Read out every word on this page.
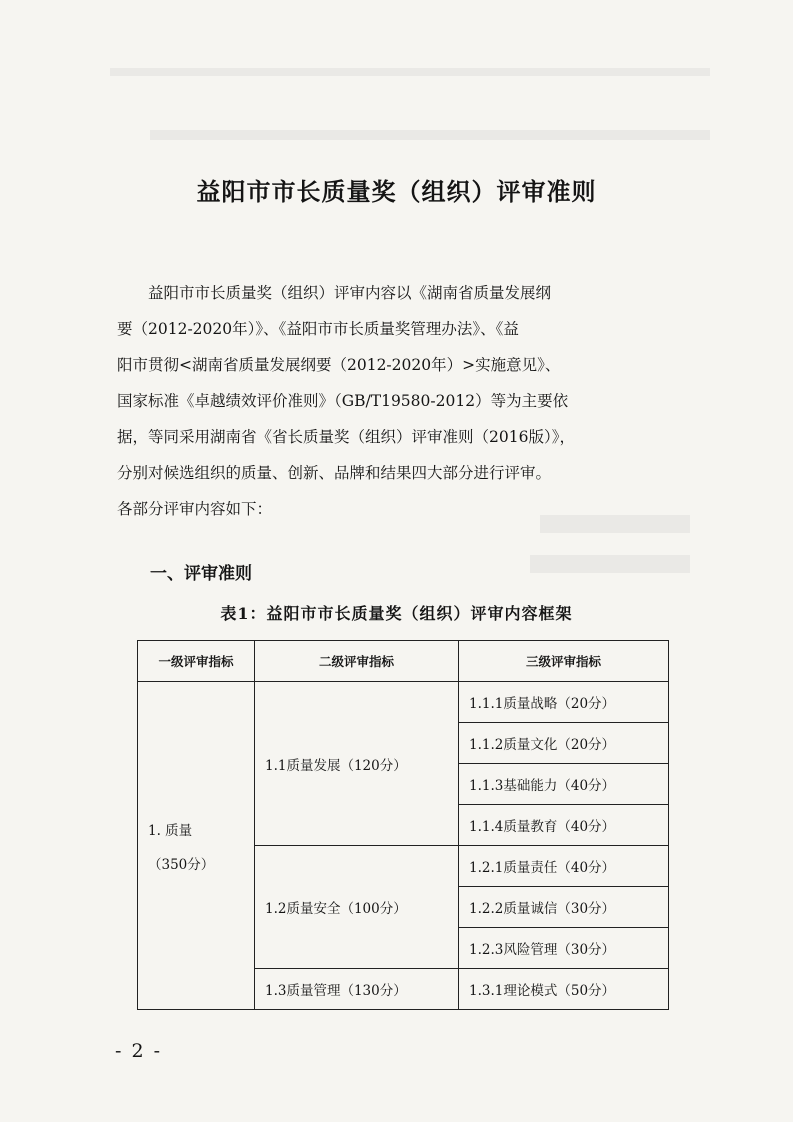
益阳市市长质量奖（组织）评审准则

益阳市市长质量奖（组织）评审内容以《湖南省质量发展纲
要（2012-2020年）》、《益阳市市长质量奖管理办法》、《益
阳市贯彻<湖南省质量发展纲要（2012-2020年）>实施意见》、
国家标准《卓越绩效评价准则》（GB/T19580-2012）等为主要依
据，等同采用湖南省《省长质量奖（组织）评审准则（2016版）》，
分别对候选组织的质量、创新、品牌和结果四大部分进行评审。
各部分评审内容如下：

一、评审准则
表1：益阳市市长质量奖（组织）评审内容框架
一级评审指标	二级评审指标	三级评审指标
1. 质量
（350分）	1.1质量发展（120分）	1.1.1质量战略（20分）
		1.1.2质量文化（20分）
		1.1.3基础能力（40分）
		1.1.4质量教育（40分）
	1.2质量安全（100分）	1.2.1质量责任（40分）
		1.2.2质量诚信（30分）
		1.2.3风险管理（30分）
	1.3质量管理（130分）	1.3.1理论模式（50分）
- 2 -
